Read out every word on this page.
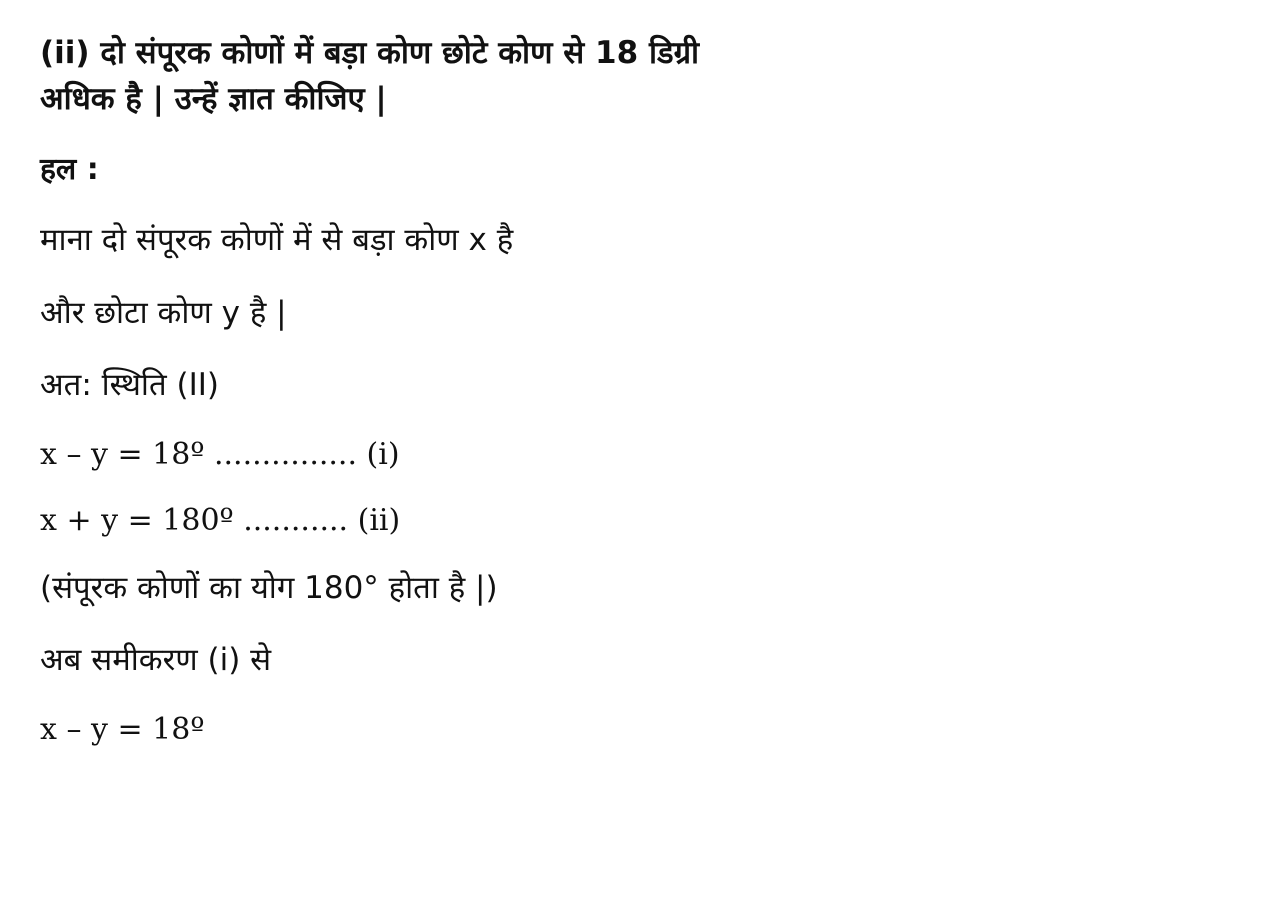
(ii) दो संपूरक कोणों में बड़ा कोण छोटे कोण से 18 डिग्री
अधिक है | उन्हें ज्ञात कीजिए |
हल :
माना दो संपूरक कोणों में से बड़ा कोण x है
और छोटा कोण y है |
अत: स्थिति (II)
x – y = 18º ............... (i)
x + y = 180º ........... (ii)
(संपूरक कोणों का योग 180° होता है |)
अब समीकरण (i) से
x – y = 18º
